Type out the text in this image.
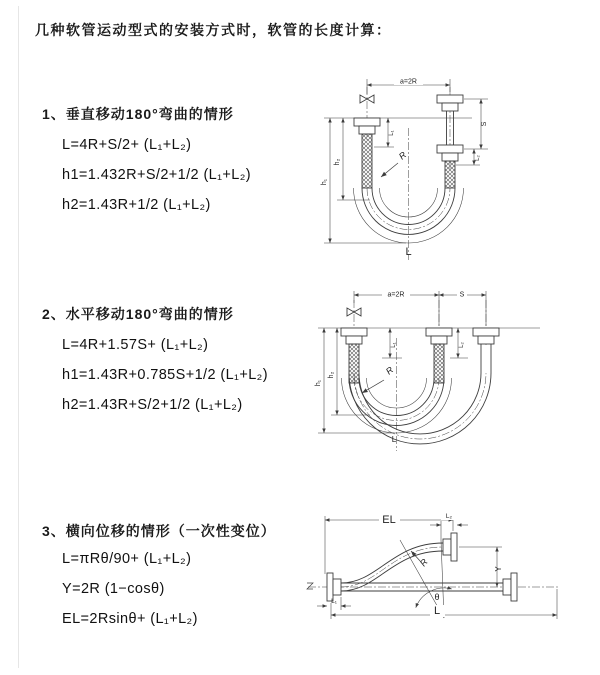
几种软管运动型式的安装方式时，软管的长度计算：
1、垂直移动180°弯曲的情形
L=4R+S/2+ (L₁+L₂)
h1=1.432R+S/2+1/2 (L₁+L₂)
h2=1.43R+1/2 (L₁+L₂)
2、水平移动180°弯曲的情形
L=4R+1.57S+ (L₁+L₂)
h1=1.43R+0.785S+1/2 (L₁+L₂)
h2=1.43R+S/2+1/2 (L₁+L₂)
3、横向位移的情形（一次性变位）
L=πRθ/90+ (L₁+L₂)
Y=2R (1−cosθ)
EL=2Rsinθ+ (L₁+L₂)
a=2R
S
L₂
L₁
h₁
h₂
R
L
a=2R	S
L₁	L₂
h₁
h₂	R
L
EL	L₂
Y
R
θ
L
L₁
